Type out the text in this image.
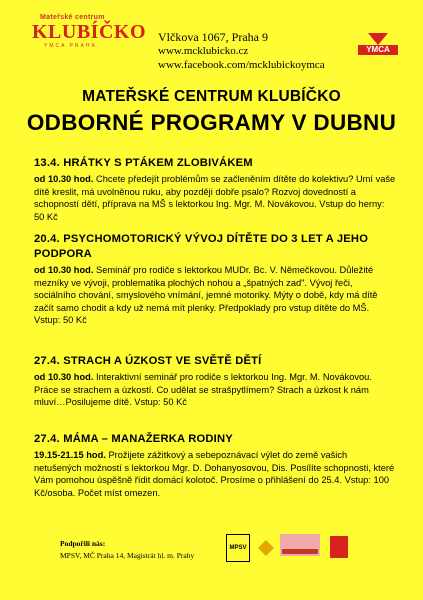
Mateřské centrum
KLUBÍČKO
YMCA PRAHA
Vlčkova 1067, Praha 9
www.mcklubicko.cz
www.facebook.com/mcklubickoymca
YMCA
MATEŘSKÉ CENTRUM KLUBÍČKO
ODBORNÉ PROGRAMY V DUBNU
13.4. HRÁTKY S PTÁKEM ZLOBIVÁKEM
od 10.30 hod. Chcete předejít problémům se začleněním dítěte do kolektivu? Umí vaše dítě kreslit, má uvolněnou ruku, aby později dobře psalo? Rozvoj dovedností a schopností dětí, příprava na MŠ s lektorkou Ing. Mgr. M. Novákovou. Vstup do herny: 50 Kč
20.4. PSYCHOMOTORICKÝ VÝVOJ DÍTĚTE DO 3 LET A JEHO PODPORA
od 10.30 hod. Seminář pro rodiče s lektorkou MUDr. Bc. V. Němečkovou. Důležité mezníky ve vývoji, problematika plochých nohou a „špatných zad". Vývoj řeči, sociálního chování, smyslového vnímání, jemné motoriky. Mýty o době, kdy má dítě začít samo chodit a kdy už nemá mít plenky. Předpoklady pro vstup dítěte do MŠ. Vstup: 50 Kč
27.4. STRACH A ÚZKOST VE SVĚTĚ DĚTÍ
od 10.30 hod. Interaktivní seminář pro rodiče s lektorkou Ing. Mgr. M. Novákovou. Práce se strachem a úzkostí. Co udělat se strašpytlímem? Strach a úzkost k nám mluví…Posilujeme dítě. Vstup: 50 Kč
27.4. MÁMA – MANAŽERKA RODINY
19.15-21.15 hod. Prožijete zážitkový a sebepoznávací výlet do země vašich netušených možností s lektorkou Mgr. D. Dohanyosovou, Dis. Posílíte schopnosti, které Vám pomohou úspěšně řídit domácí kolotoč. Prosíme o přihlášení do 25.4. Vstup: 100 Kč/osoba. Počet míst omezen.
Podpořili nás:
MPSV, MČ Praha 14, Magistrát hl. m. Prahy
MPSV
